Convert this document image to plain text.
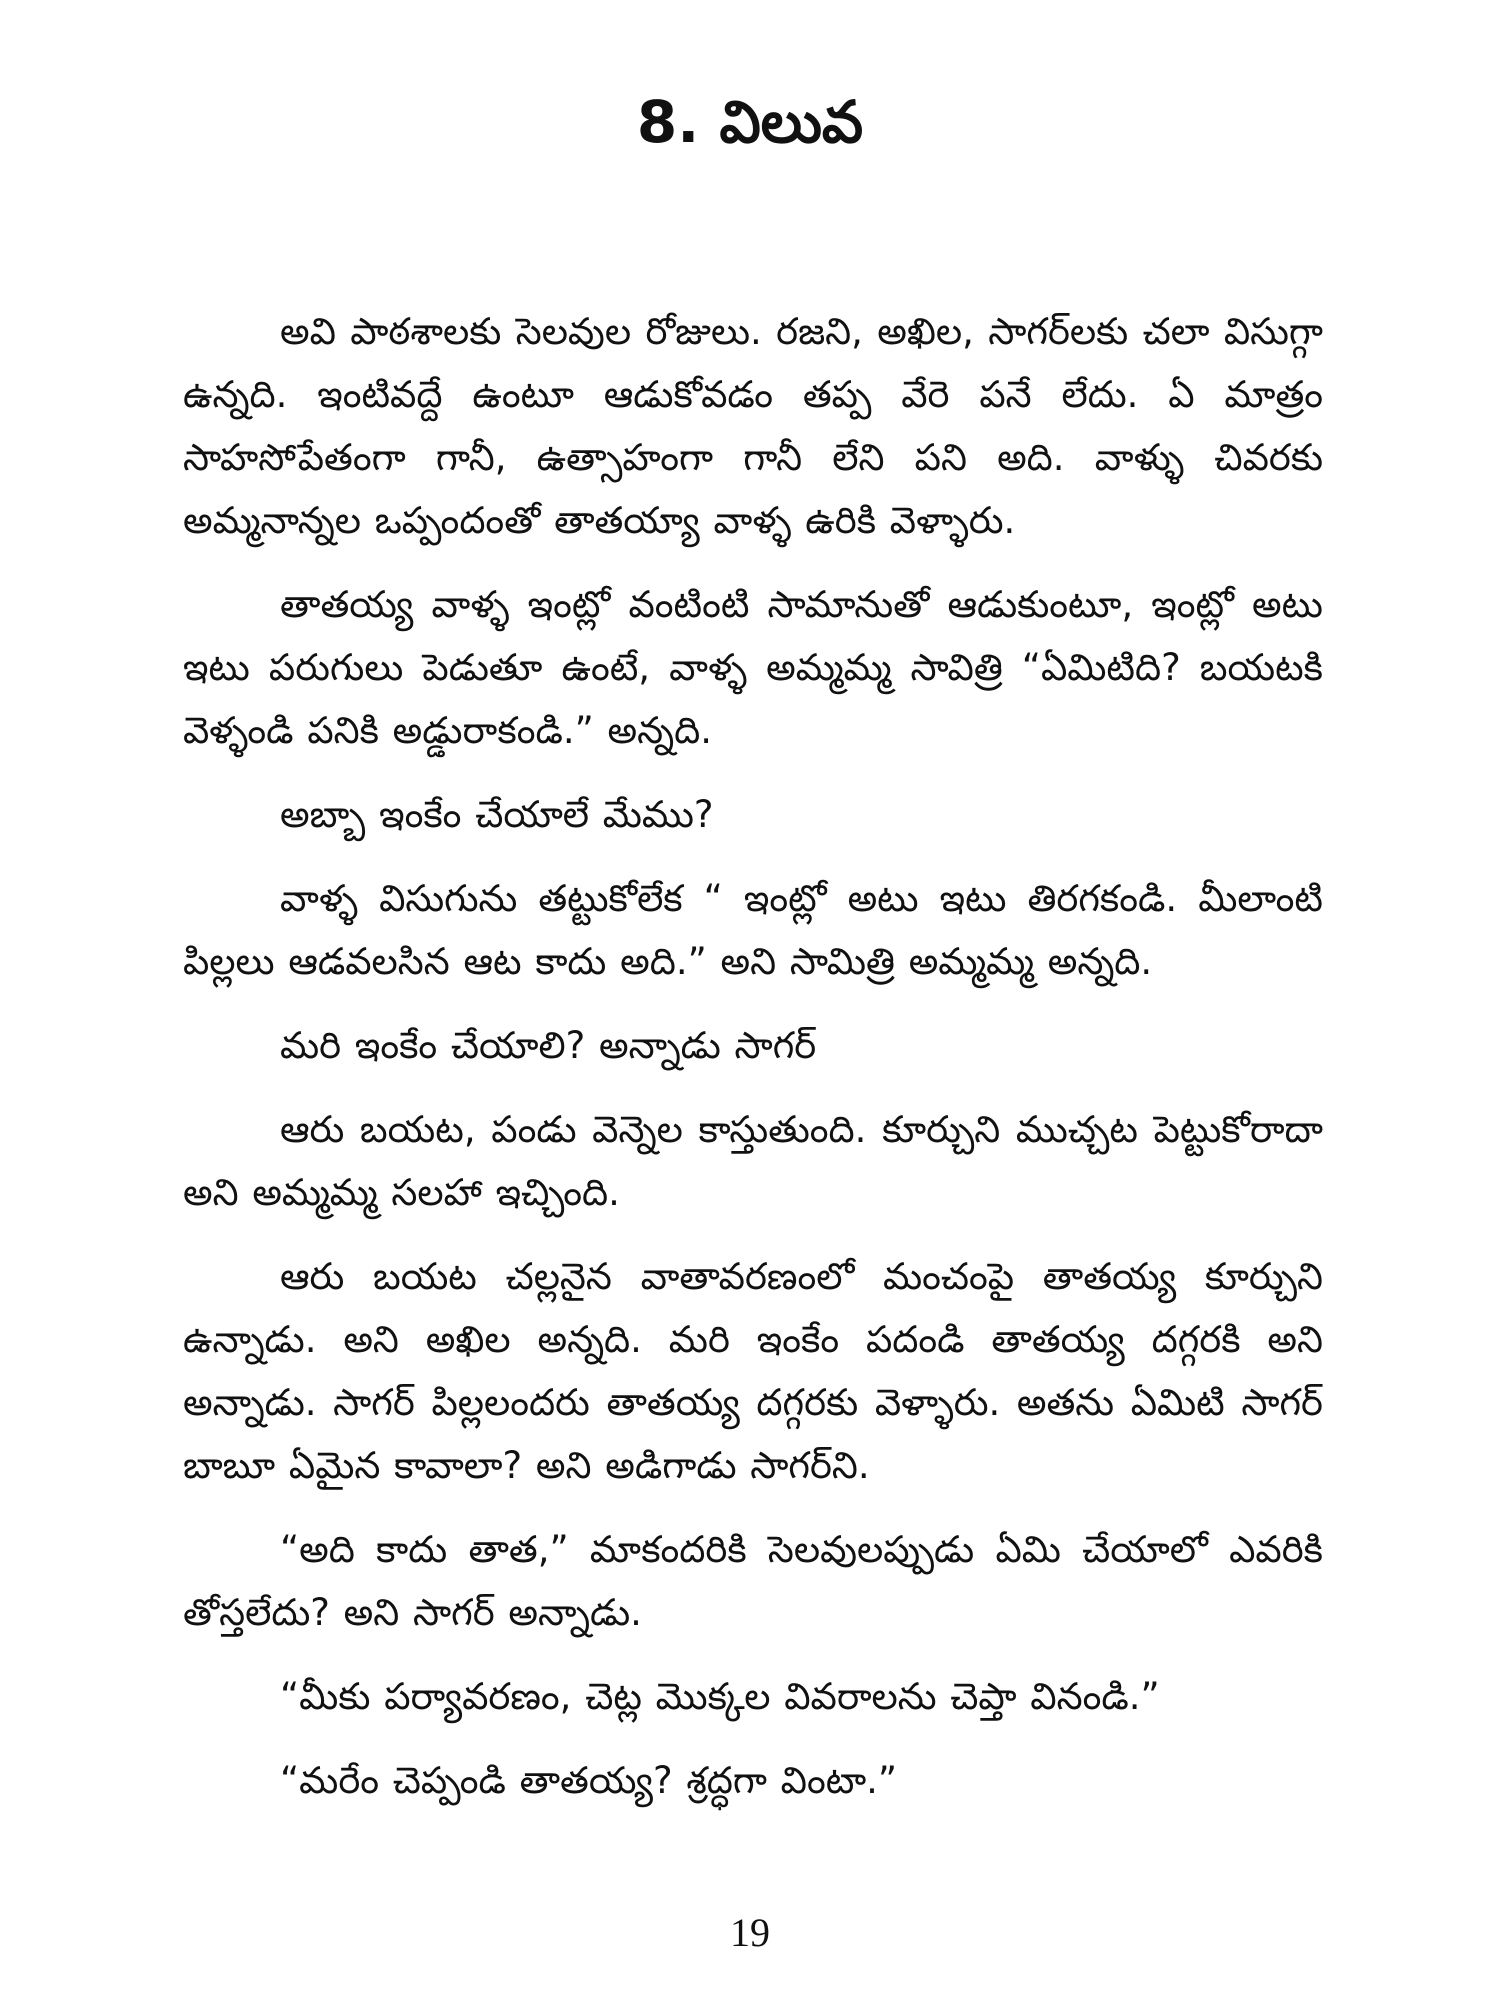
8. విలువ

అవి పాఠశాలకు సెలవుల రోజులు. రజని, అఖిల, సాగర్‌లకు చలా విసుగ్గా ఉన్నది. ఇంటివద్దే ఉంటూ ఆడుకోవడం తప్ప వేరె పనే లేదు. ఏ మాత్రం సాహసోపేతంగా గానీ, ఉత్సాహంగా గానీ లేని పని అది. వాళ్ళు చివరకు అమ్మనాన్నల ఒప్పందంతో తాతయ్యా వాళ్ళ ఉరికి వెళ్ళారు.

తాతయ్య వాళ్ళ ఇంట్లో వంటింటి సామానుతో ఆడుకుంటూ, ఇంట్లో అటు ఇటు పరుగులు పెడుతూ ఉంటే, వాళ్ళ అమ్మమ్మ సావిత్రి “ఏమిటిది? బయటకి వెళ్ళండి పనికి అడ్డురాకండి.” అన్నది.

అబ్బా ఇంకేం చేయాలే మేము?

వాళ్ళ విసుగును తట్టుకోలేక “ ఇంట్లో అటు ఇటు తిరగకండి. మీలాంటి పిల్లలు ఆడవలసిన ఆట కాదు అది.” అని సామిత్రి అమ్మమ్మ అన్నది.

మరి ఇంకేం చేయాలి? అన్నాడు సాగర్

ఆరు బయట, పండు వెన్నెల కాస్తుతుంది. కూర్చుని ముచ్చట పెట్టుకోరాదా అని అమ్మమ్మ సలహా ఇచ్చింది.

ఆరు బయట చల్లనైన వాతావరణంలో మంచంపై తాతయ్య కూర్చుని ఉన్నాడు. అని అఖిల అన్నది. మరి ఇంకేం పదండి తాతయ్య దగ్గరకి అని అన్నాడు. సాగర్ పిల్లలందరు తాతయ్య దగ్గరకు వెళ్ళారు. అతను ఏమిటి సాగర్ బాబూ ఏమైన కావాలా? అని అడిగాడు సాగర్‌ని.

“అది కాదు తాత,” మాకందరికి సెలవులప్పుడు ఏమి చేయాలో ఎవరికి తోస్తలేదు? అని సాగర్ అన్నాడు.

“మీకు పర్యావరణం, చెట్ల మొక్కల వివరాలను చెప్తా వినండి.”

“మరేం చెప్పండి తాతయ్య? శ్రద్ధగా వింటా.”

19
